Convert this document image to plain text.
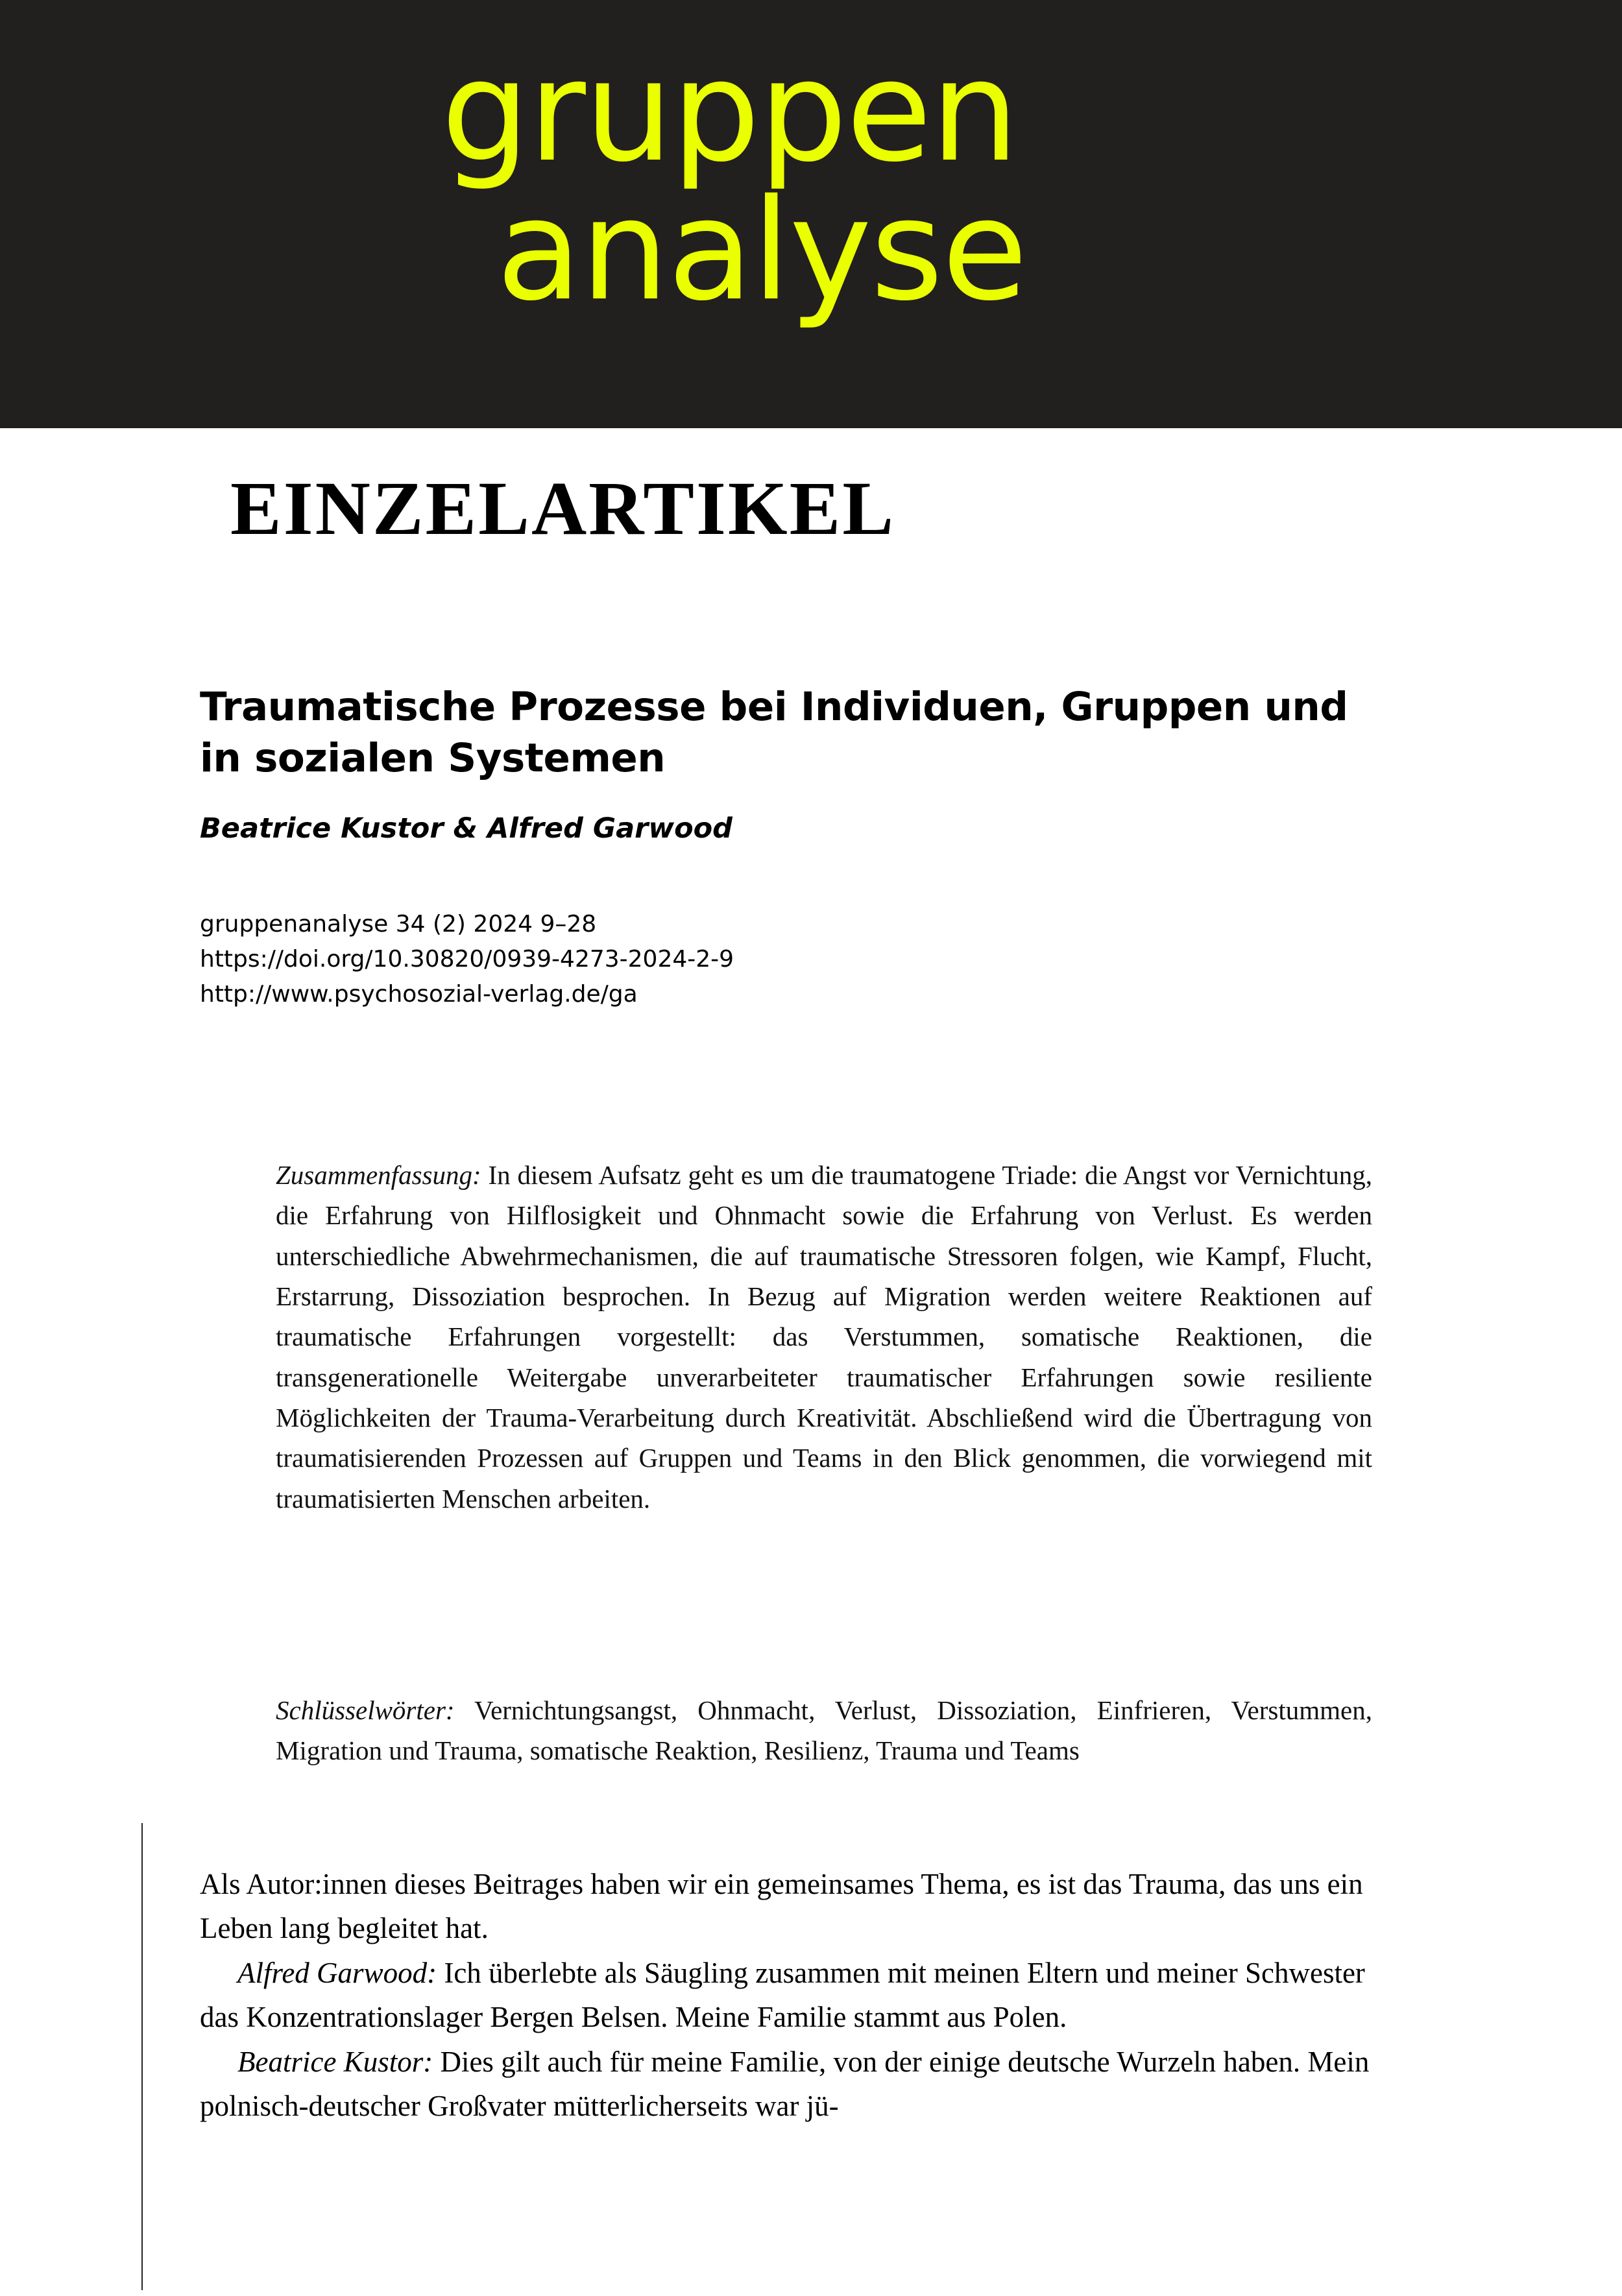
gruppen
analyse
EINZELARTIKEL
Traumatische Prozesse bei Individuen, Gruppen und in sozialen Systemen
Beatrice Kustor & Alfred Garwood
gruppenanalyse 34 (2) 2024 9–28
https://doi.org/10.30820/0939-4273-2024-2-9
http://www.psychosozial-verlag.de/ga
Zusammenfassung: In diesem Aufsatz geht es um die traumatogene Triade: die Angst vor Vernichtung, die Erfahrung von Hilflosigkeit und Ohnmacht sowie die Erfahrung von Verlust. Es werden unterschiedliche Abwehrmechanismen, die auf traumatische Stressoren folgen, wie Kampf, Flucht, Erstarrung, Dissoziation besprochen. In Bezug auf Migration werden weitere Reaktionen auf traumatische Erfahrungen vorgestellt: das Verstummen, somatische Reaktionen, die transgenerationelle Weitergabe unverarbeiteter traumatischer Erfahrungen sowie resiliente Möglichkeiten der Trauma-Verarbeitung durch Kreativität. Abschließend wird die Übertragung von traumatisierenden Prozessen auf Gruppen und Teams in den Blick genommen, die vorwiegend mit traumatisierten Menschen arbeiten.
Schlüsselwörter: Vernichtungsangst, Ohnmacht, Verlust, Dissoziation, Einfrieren, Verstummen, Migration und Trauma, somatische Reaktion, Resilienz, Trauma und Teams

Als Autor:innen dieses Beitrages haben wir ein gemeinsames Thema, es ist das Trauma, das uns ein Leben lang begleitet hat.

Alfred Garwood: Ich überlebte als Säugling zusammen mit meinen Eltern und meiner Schwester das Konzentrationslager Bergen Belsen. Meine Familie stammt aus Polen.

Beatrice Kustor: Dies gilt auch für meine Familie, von der einige deutsche Wurzeln haben. Mein polnisch-deutscher Großvater mütterlicherseits war jü-
